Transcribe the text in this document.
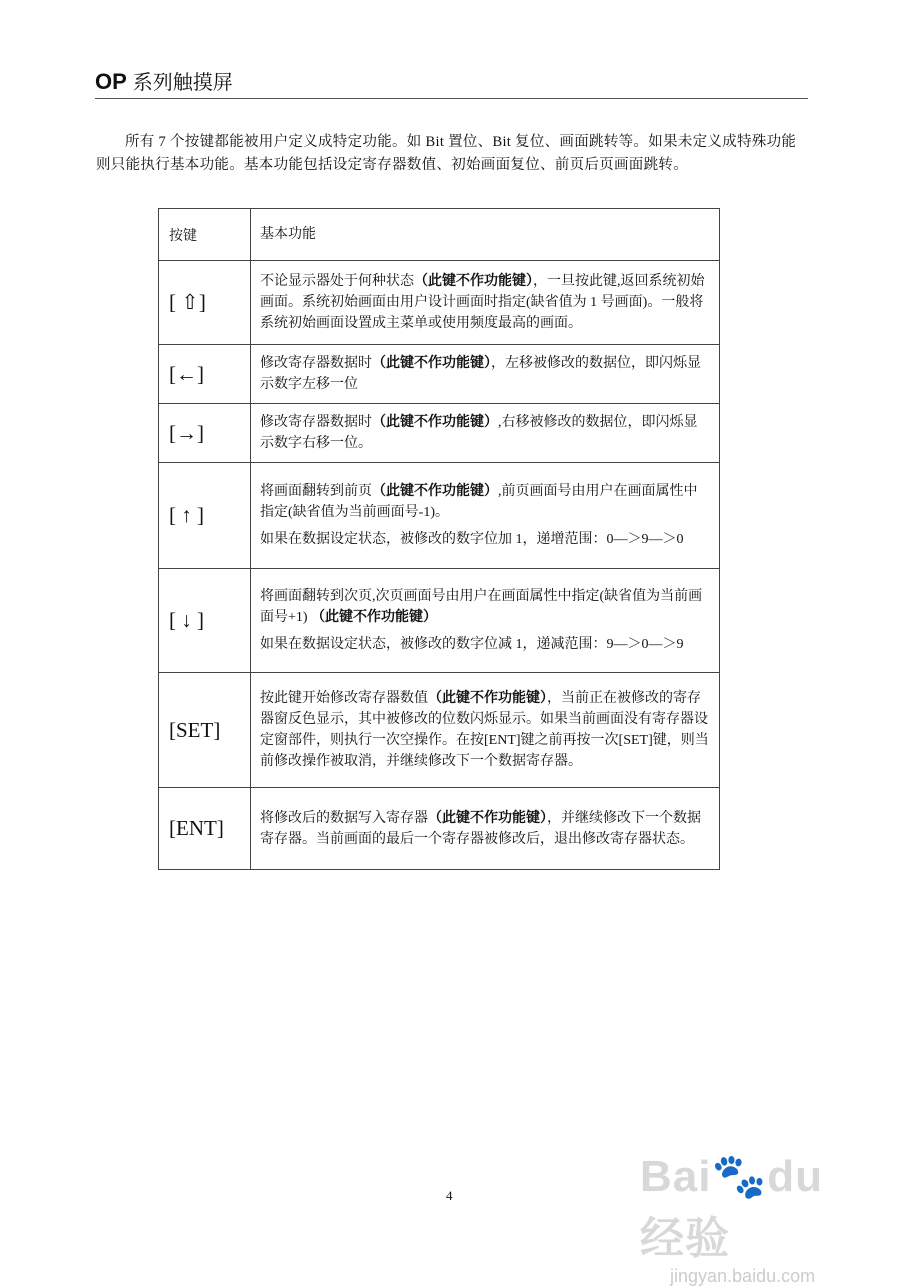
OP 系列触摸屏

所有 7 个按键都能被用户定义成特定功能。如 Bit 置位、Bit 复位、画面跳转等。如果未定义成特殊功能则只能执行基本功能。基本功能包括设定寄存器数值、初始画面复位、前页后页画面跳转。

按键	基本功能
[ ⇧]	不论显示器处于何种状态（此键不作功能键），一旦按此键,返回系统初始画面。系统初始画面由用户设计画面时指定(缺省值为 1 号画面)。一般将系统初始画面设置成主菜单或使用频度最高的画面。

[←]	修改寄存器数据时（此键不作功能键），左移被修改的数据位，即闪烁显示数字左移一位

[→]	修改寄存器数据时（此键不作功能键）,右移被修改的数据位，即闪烁显示数字右移一位。

[ ↑ ]	将画面翻转到前页（此键不作功能键）,前页画面号由用户在画面属性中指定(缺省值为当前画面号-1)。

如果在数据设定状态，被修改的数字位加 1，递增范围：0—＞9—＞0

[ ↓ ]	将画面翻转到次页,次页画面号由用户在画面属性中指定(缺省值为当前画面号+1) （此键不作功能键）

如果在数据设定状态，被修改的数字位减 1，递减范围：9—＞0—＞9

[SET]	按此键开始修改寄存器数值（此键不作功能键），当前正在被修改的寄存器窗反色显示，其中被修改的位数闪烁显示。如果当前画面没有寄存器设定窗部件，则执行一次空操作。在按[ENT]键之前再按一次[SET]键，则当前修改操作被取消，并继续修改下一个数据寄存器。

[ENT]	将修改后的数据写入寄存器（此键不作功能键），并继续修改下一个数据寄存器。当前画面的最后一个寄存器被修改后，退出修改寄存器状态。

4	Bai🐾du 经验
jingyan.baidu.com
